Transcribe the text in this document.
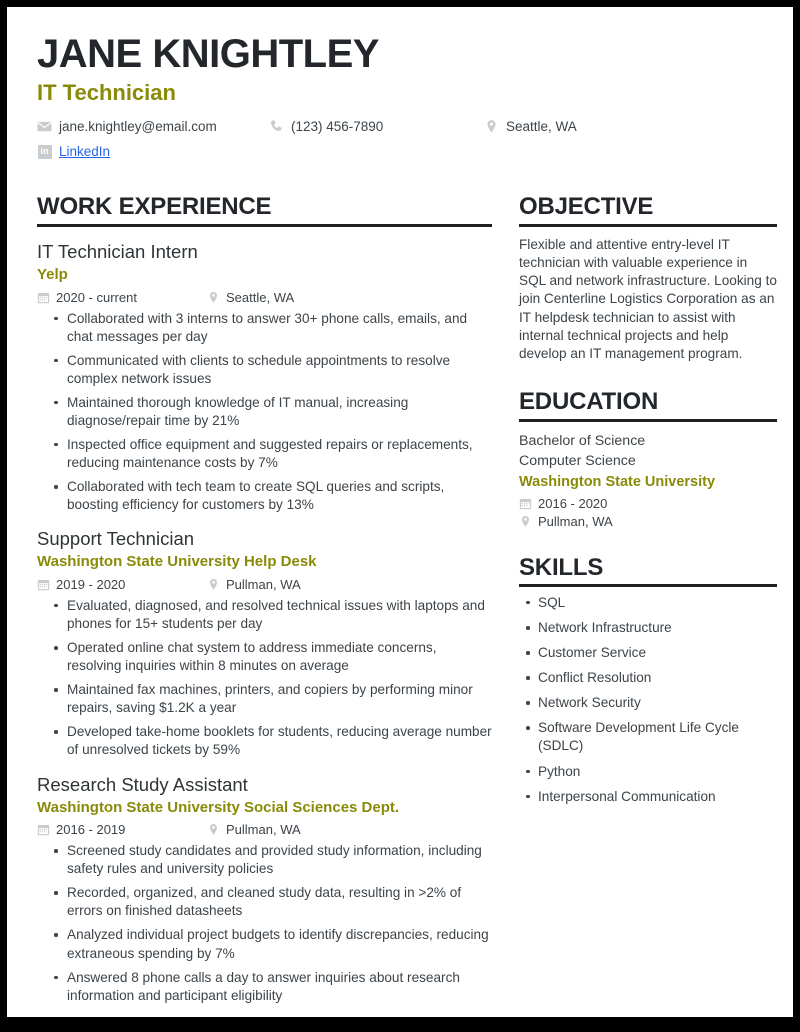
JANE KNIGHTLEY
IT Technician
jane.knightley@email.com	(123) 456-7890	Seattle, WA
in LinkedIn
WORK EXPERIENCE
IT Technician Intern
Yelp
2020 - current	Seattle, WA
Collaborated with 3 interns to answer 30+ phone calls, emails, and chat messages per day
Communicated with clients to schedule appointments to resolve complex network issues
Maintained thorough knowledge of IT manual, increasing diagnose/repair time by 21%
Inspected office equipment and suggested repairs or replacements, reducing maintenance costs by 7%
Collaborated with tech team to create SQL queries and scripts, boosting efficiency for customers by 13%
Support Technician
Washington State University Help Desk
2019 - 2020	Pullman, WA
Evaluated, diagnosed, and resolved technical issues with laptops and phones for 15+ students per day
Operated online chat system to address immediate concerns, resolving inquiries within 8 minutes on average
Maintained fax machines, printers, and copiers by performing minor repairs, saving $1.2K a year
Developed take-home booklets for students, reducing average number of unresolved tickets by 59%
Research Study Assistant
Washington State University Social Sciences Dept.
2016 - 2019	Pullman, WA
Screened study candidates and provided study information, including safety rules and university policies
Recorded, organized, and cleaned study data, resulting in >2% of errors on finished datasheets
Analyzed individual project budgets to identify discrepancies, reducing extraneous spending by 7%
Answered 8 phone calls a day to answer inquiries about research information and participant eligibility
OBJECTIVE
Flexible and attentive entry-level IT technician with valuable experience in SQL and network infrastructure. Looking to join Centerline Logistics Corporation as an IT helpdesk technician to assist with internal technical projects and help develop an IT management program.
EDUCATION
Bachelor of Science
Computer Science
Washington State University
2016 - 2020
Pullman, WA
SKILLS
SQL
Network Infrastructure
Customer Service
Conflict Resolution
Network Security
Software Development Life Cycle (SDLC)
Python
Interpersonal Communication
